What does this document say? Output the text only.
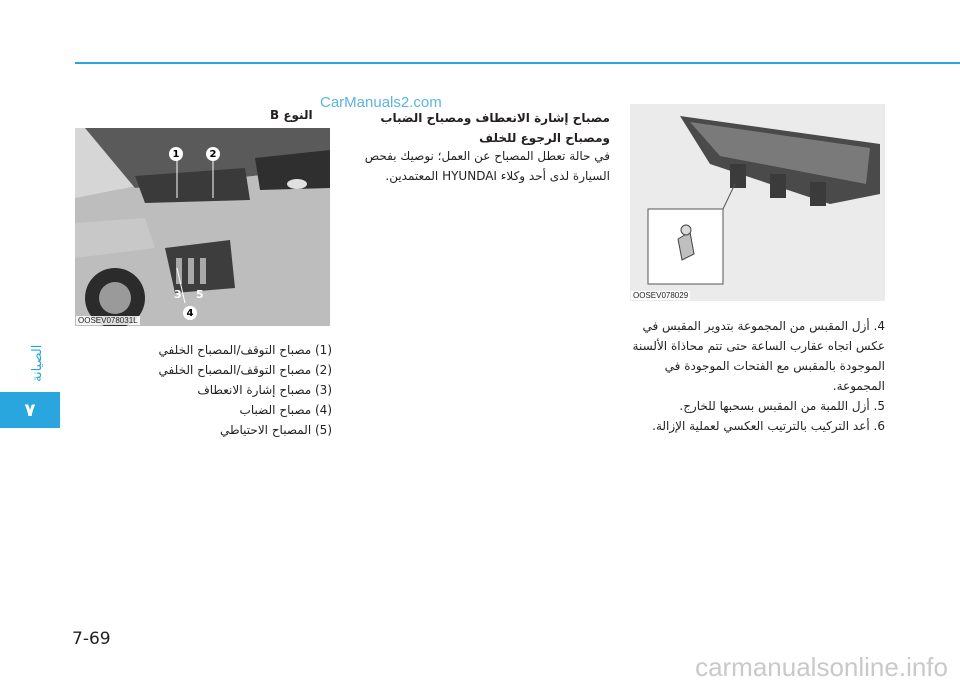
الصيانة
٧
CarManuals2.com
1	2
3 5
4
OOSEV078031L
OOSEV078029
مصباح إشارة الانعطاف ومصباح الضباب ومصباح الرجوع للخلف
النوع B
في حالة تعطل المصباح عن العمل؛ نوصيك بفحص السيارة لدى أحد وكلاء HYUNDAI المعتمدين.
(1) مصباح التوقف/المصباح الخلفي
(2) مصباح التوقف/المصباح الخلفي
(3) مصباح إشارة الانعطاف
(4) مصباح الضباب
(5) المصباح الاحتياطي
4. أزل المقبس من المجموعة بتدوير المقبس في عكس اتجاه عقارب الساعة حتى تتم محاذاة الألسنة الموجودة بالمقبس مع الفتحات الموجودة في المجموعة.
5. أزل اللمبة من المقبس بسحبها للخارج.
6. أعد التركيب بالترتيب العكسي لعملية الإزالة.
7-69
carmanualsonline.info
